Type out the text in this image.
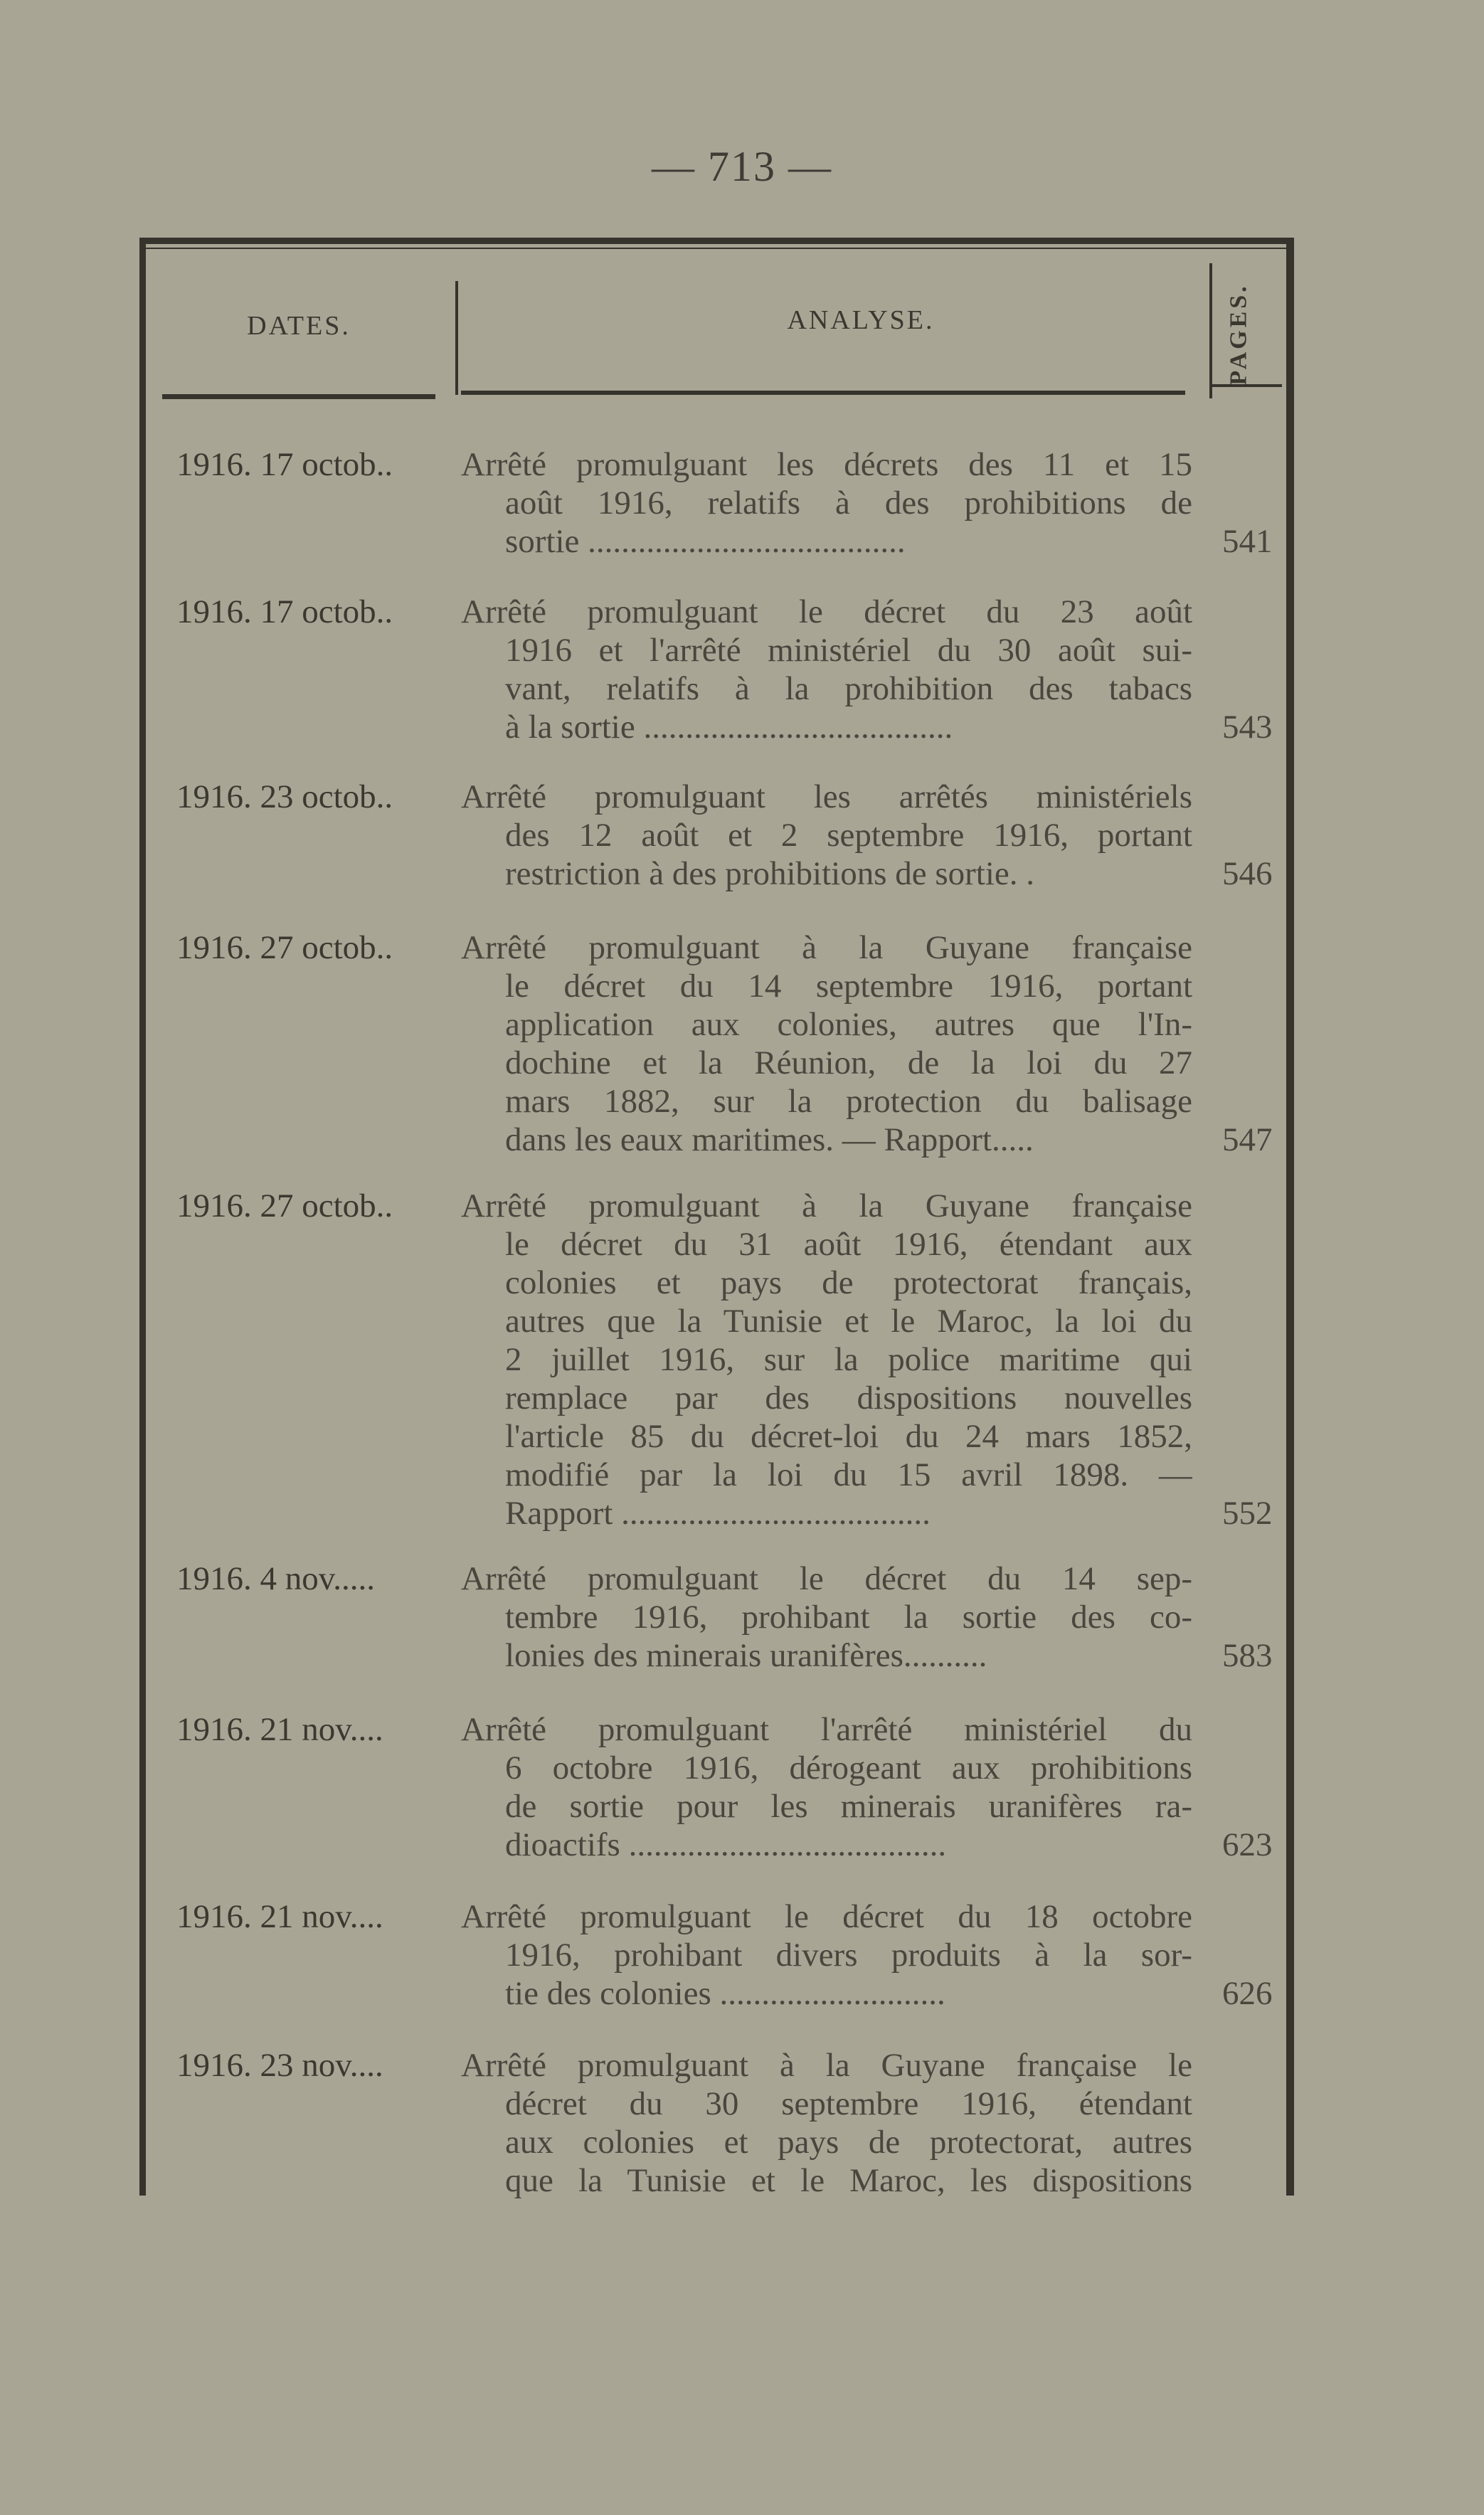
— 713 —
DATES.	ANALYSE.	PAGES.
1916. 17 octob.. Arrêté promulguant les décrets des 11 et 15
août 1916, relatifs à des prohibitions de
sortie ......................................	541
1916. 17 octob.. Arrêté promulguant le décret du 23 août
1916 et l'arrêté ministériel du 30 août sui-
vant, relatifs à la prohibition des tabacs
à la sortie .....................................	543
1916. 23 octob.. Arrêté promulguant les arrêtés ministériels
des 12 août et 2 septembre 1916, portant
restriction à des prohibitions de sortie. .	546
1916. 27 octob.. Arrêté promulguant à la Guyane française
le décret du 14 septembre 1916, portant
application aux colonies, autres que l'In-
dochine et la Réunion, de la loi du 27
mars 1882, sur la protection du balisage
dans les eaux maritimes. — Rapport.....	547
1916. 27 octob.. Arrêté promulguant à la Guyane française
le décret du 31 août 1916, étendant aux
colonies et pays de protectorat français,
autres que la Tunisie et le Maroc, la loi du
2 juillet 1916, sur la police maritime qui
remplace par des dispositions nouvelles
l'article 85 du décret-loi du 24 mars 1852,
modifié par la loi du 15 avril 1898. —
Rapport .....................................	552
1916. 4 nov.....	Arrêté promulguant le décret du 14 sep-
tembre 1916, prohibant la sortie des co-
lonies des minerais uranifères..........	583
1916. 21 nov.... Arrêté promulguant l'arrêté ministériel du
6 octobre 1916, dérogeant aux prohibitions
de sortie pour les minerais uranifères ra-
dioactifs ......................................	623
1916. 21 nov.... Arrêté promulguant le décret du 18 octobre
1916, prohibant divers produits à la sor-
tie des colonies ...........................	626
1916. 23 nov.... Arrêté promulguant à la Guyane française le
décret du 30 septembre 1916, étendant
aux colonies et pays de protectorat, autres
que la Tunisie et le Maroc, les dispositions
